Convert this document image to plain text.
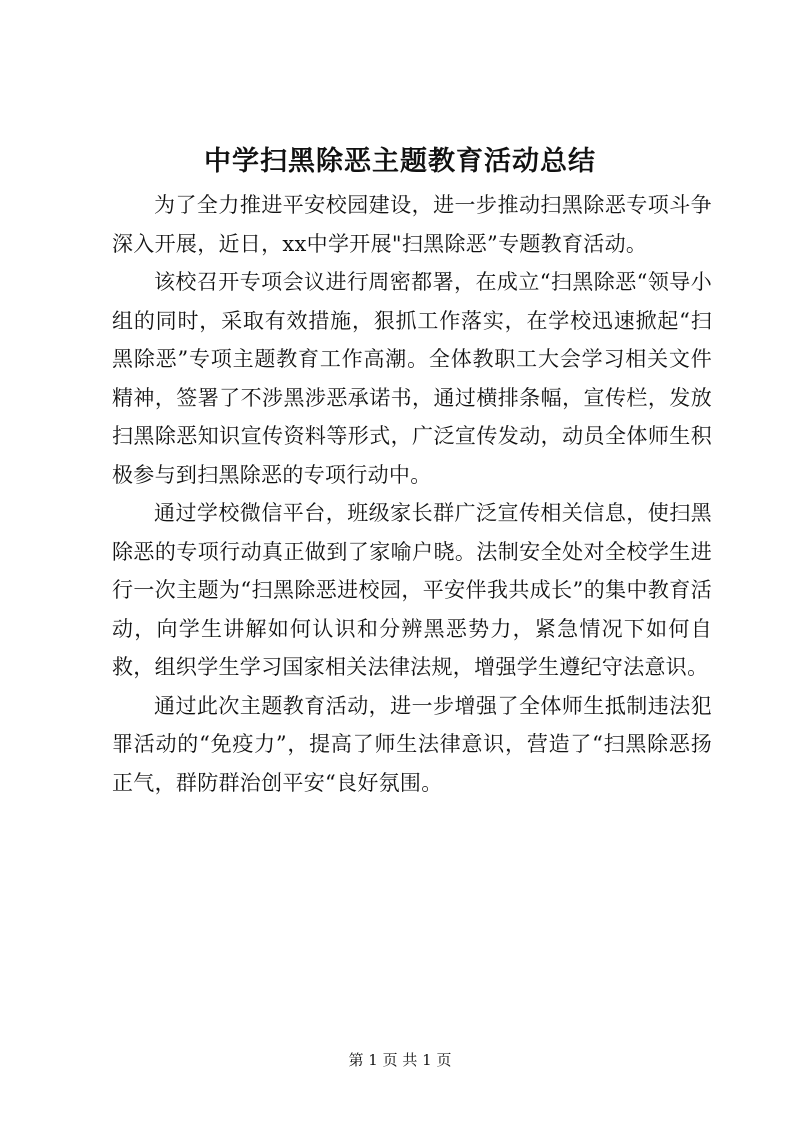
中学扫黑除恶主题教育活动总结

为了全力推进平安校园建设，进一步推动扫黑除恶专项斗争深入开展，近日，xx中学开展"扫黑除恶”专题教育活动。

该校召开专项会议进行周密都署，在成立“扫黑除恶“领导小组的同时，采取有效措施，狠抓工作落实，在学校迅速掀起“扫黑除恶”专项主题教育工作高潮。全体教职工大会学习相关文件精神，签署了不涉黑涉恶承诺书，通过横排条幅，宣传栏，发放扫黑除恶知识宣传资料等形式，广泛宣传发动，动员全体师生积极参与到扫黑除恶的专项行动中。

通过学校微信平台，班级家长群广泛宣传相关信息，使扫黑除恶的专项行动真正做到了家喻户晓。法制安全处对全校学生进行一次主题为“扫黑除恶进校园，平安伴我共成长”的集中教育活动，向学生讲解如何认识和分辨黑恶势力，紧急情况下如何自救，组织学生学习国家相关法律法规，增强学生遵纪守法意识。

通过此次主题教育活动，进一步增强了全体师生抵制违法犯罪活动的“免疫力”，提高了师生法律意识，营造了“扫黑除恶扬正气，群防群治创平安“良好氛围。

第 1 页 共 1 页
